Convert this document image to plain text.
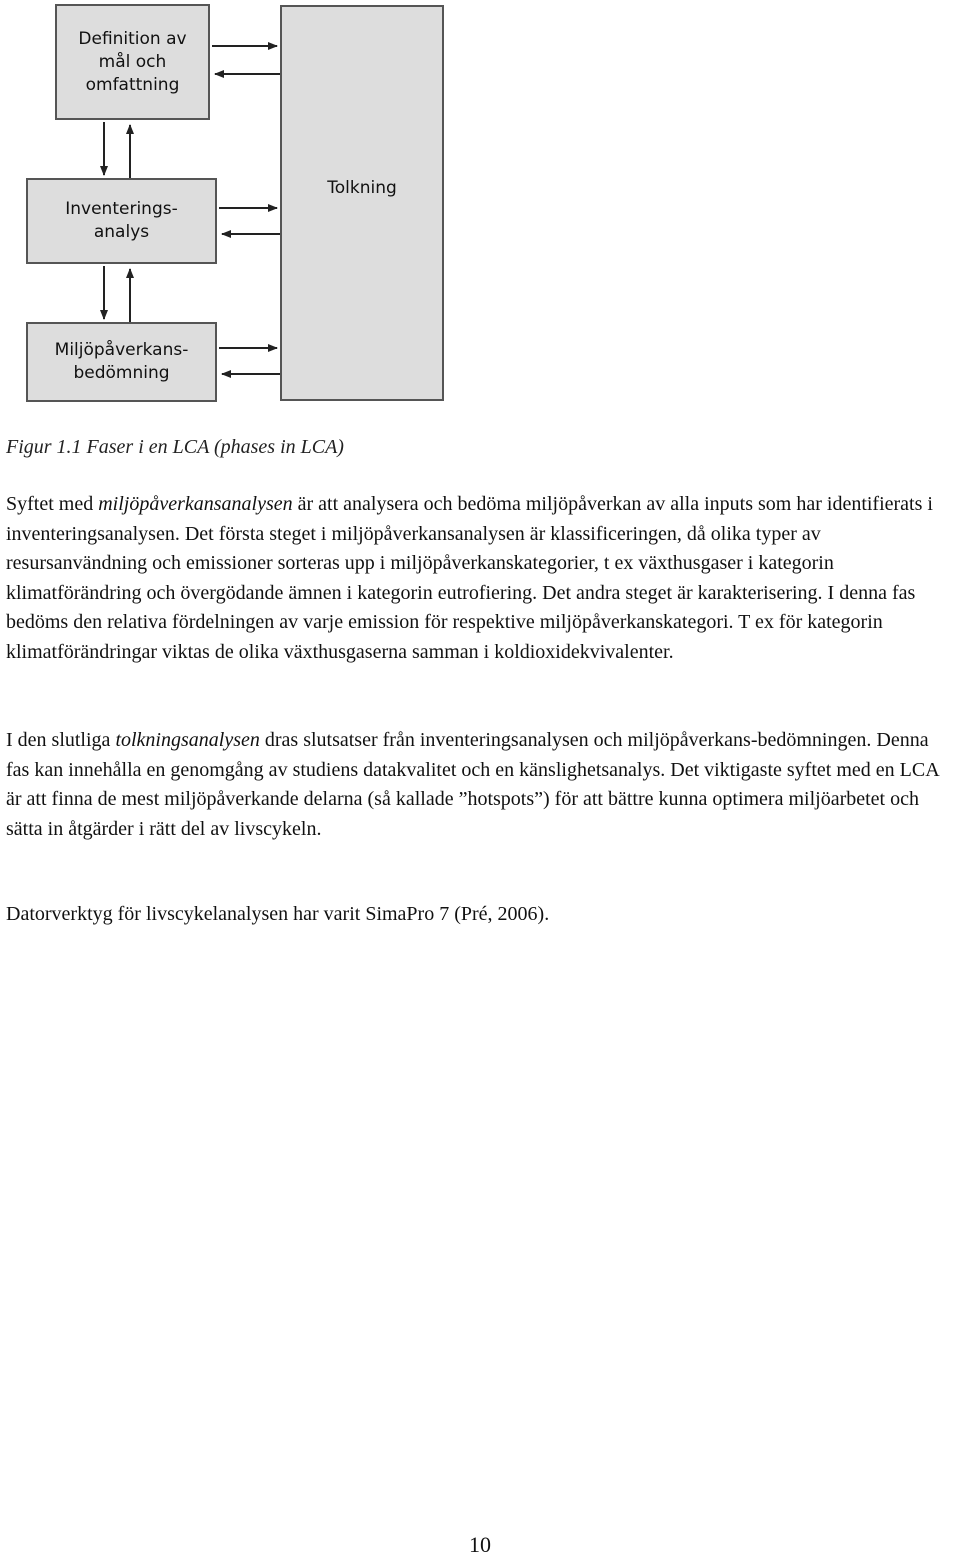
Definition av
mål och
omfattning
Inventerings-
analys
Miljöpåverkans-
bedömning
Tolkning
Figur 1.1 Faser i en LCA (phases in LCA)

Syftet med miljöpåverkansanalysen är att analysera och bedöma miljöpåverkan av alla inputs som har identifierats i inventeringsanalysen. Det första steget i miljöpåverkansanalysen är klassificeringen, då olika typer av resursanvändning och emissioner sorteras upp i miljöpåverkanskategorier, t ex växthusgaser i kategorin klimatförändring och övergödande ämnen i kategorin eutrofiering. Det andra steget är karakterisering. I denna fas bedöms den relativa fördelningen av varje emission för respektive miljöpåverkanskategori. T ex för kategorin klimatförändringar viktas de olika växthusgaserna samman i koldioxidekvivalenter.

I den slutliga tolkningsanalysen dras slutsatser från inventeringsanalysen och miljöpåverkans-bedömningen. Denna fas kan innehålla en genomgång av studiens datakvalitet och en känslighetsanalys. Det viktigaste syftet med en LCA är att finna de mest miljöpåverkande delarna (så kallade ”hotspots”) för att bättre kunna optimera miljöarbetet och sätta in åtgärder i rätt del av livscykeln.

Datorverktyg för livscykelanalysen har varit SimaPro 7 (Pré, 2006).

10
